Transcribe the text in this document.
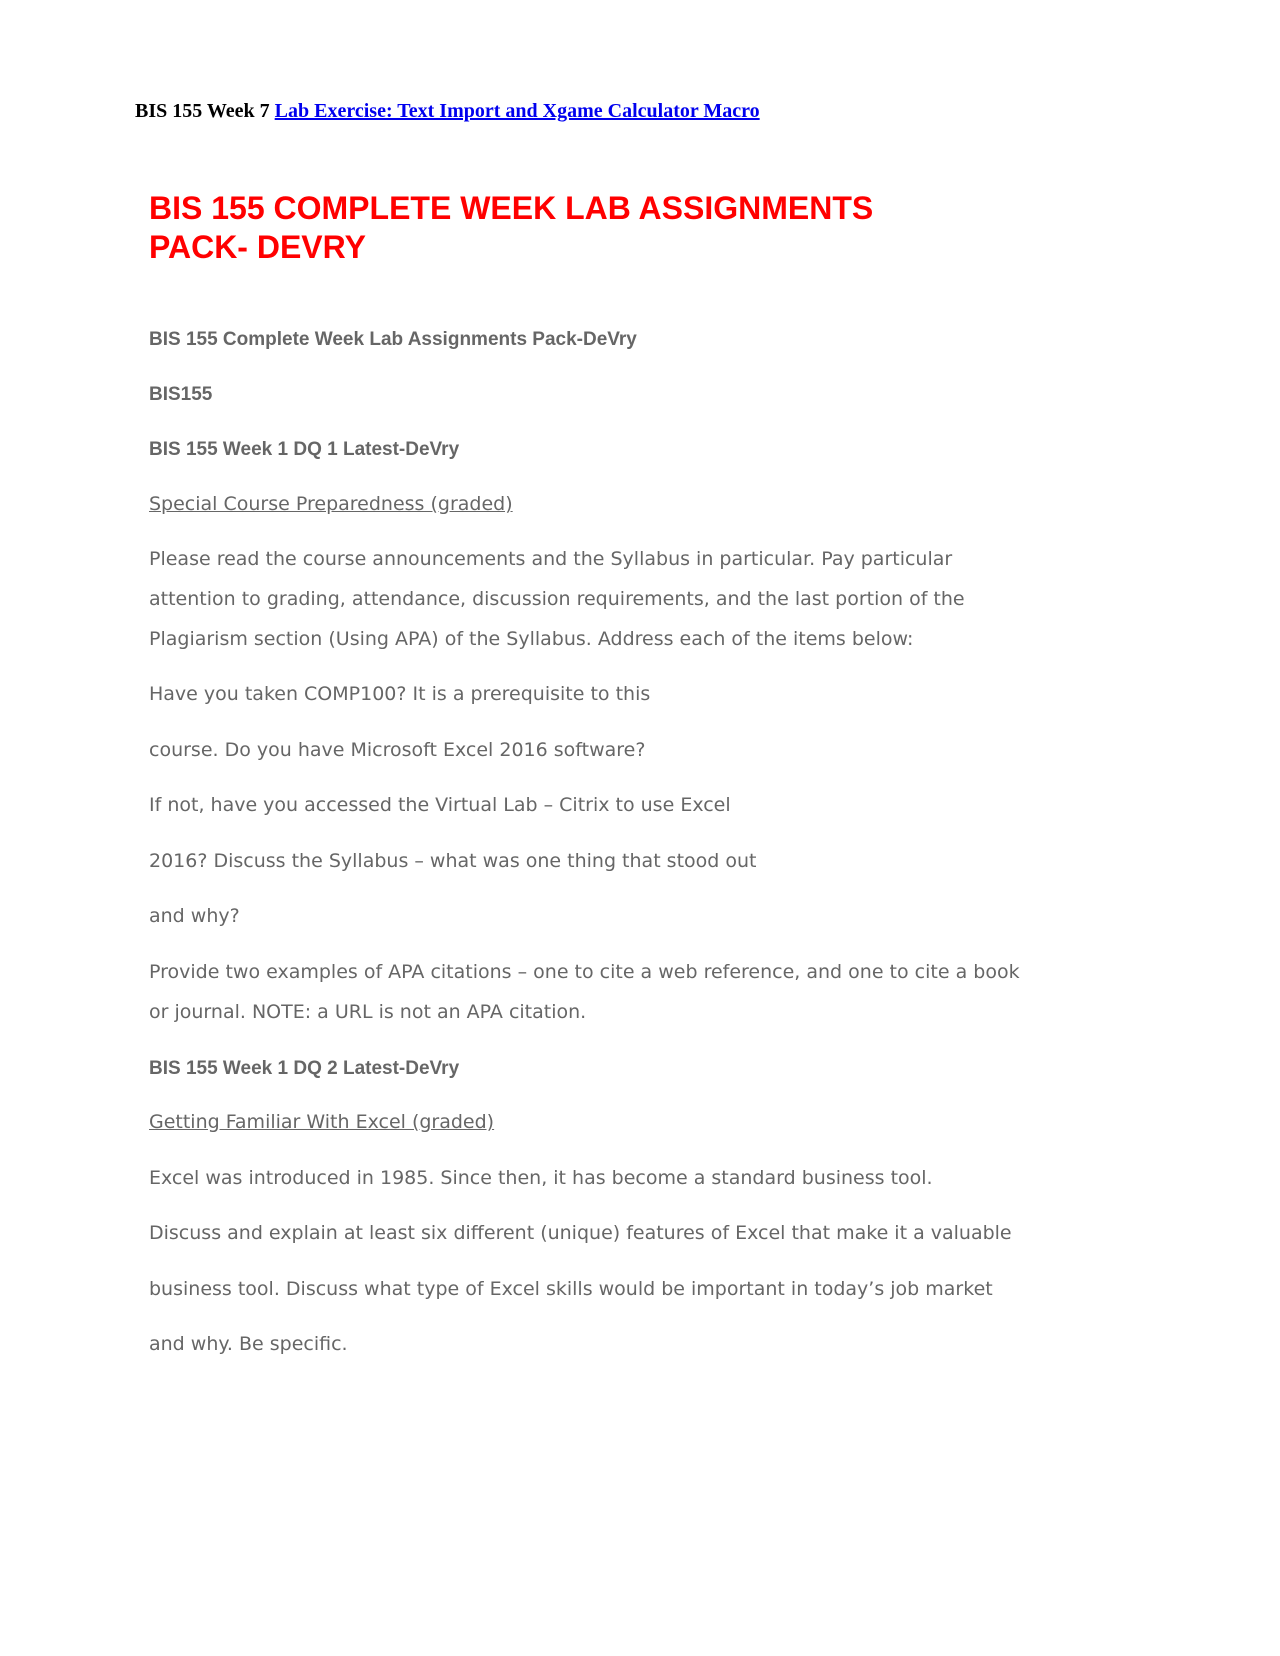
BIS 155 Week 7 Lab Exercise: Text Import and Xgame Calculator Macro
BIS 155 COMPLETE WEEK LAB ASSIGNMENTS
PACK- DEVRY

BIS 155 Complete Week Lab Assignments Pack-DeVry

BIS155

BIS 155 Week 1 DQ 1 Latest-DeVry

Special Course Preparedness (graded)

Please read the course announcements and the Syllabus in particular. Pay particular

attention to grading, attendance, discussion requirements, and the last portion of the

Plagiarism section (Using APA) of the Syllabus. Address each of the items below:

Have you taken COMP100? It is a prerequisite to this

course. Do you have Microsoft Excel 2016 software?

If not, have you accessed the Virtual Lab – Citrix to use Excel

2016? Discuss the Syllabus – what was one thing that stood out

and why?

Provide two examples of APA citations – one to cite a web reference, and one to cite a book

or journal. NOTE: a URL is not an APA citation.

BIS 155 Week 1 DQ 2 Latest-DeVry

Getting Familiar With Excel (graded)

Excel was introduced in 1985. Since then, it has become a standard business tool.

Discuss and explain at least six different (unique) features of Excel that make it a valuable

business tool. Discuss what type of Excel skills would be important in today’s job market

and why. Be specific.
